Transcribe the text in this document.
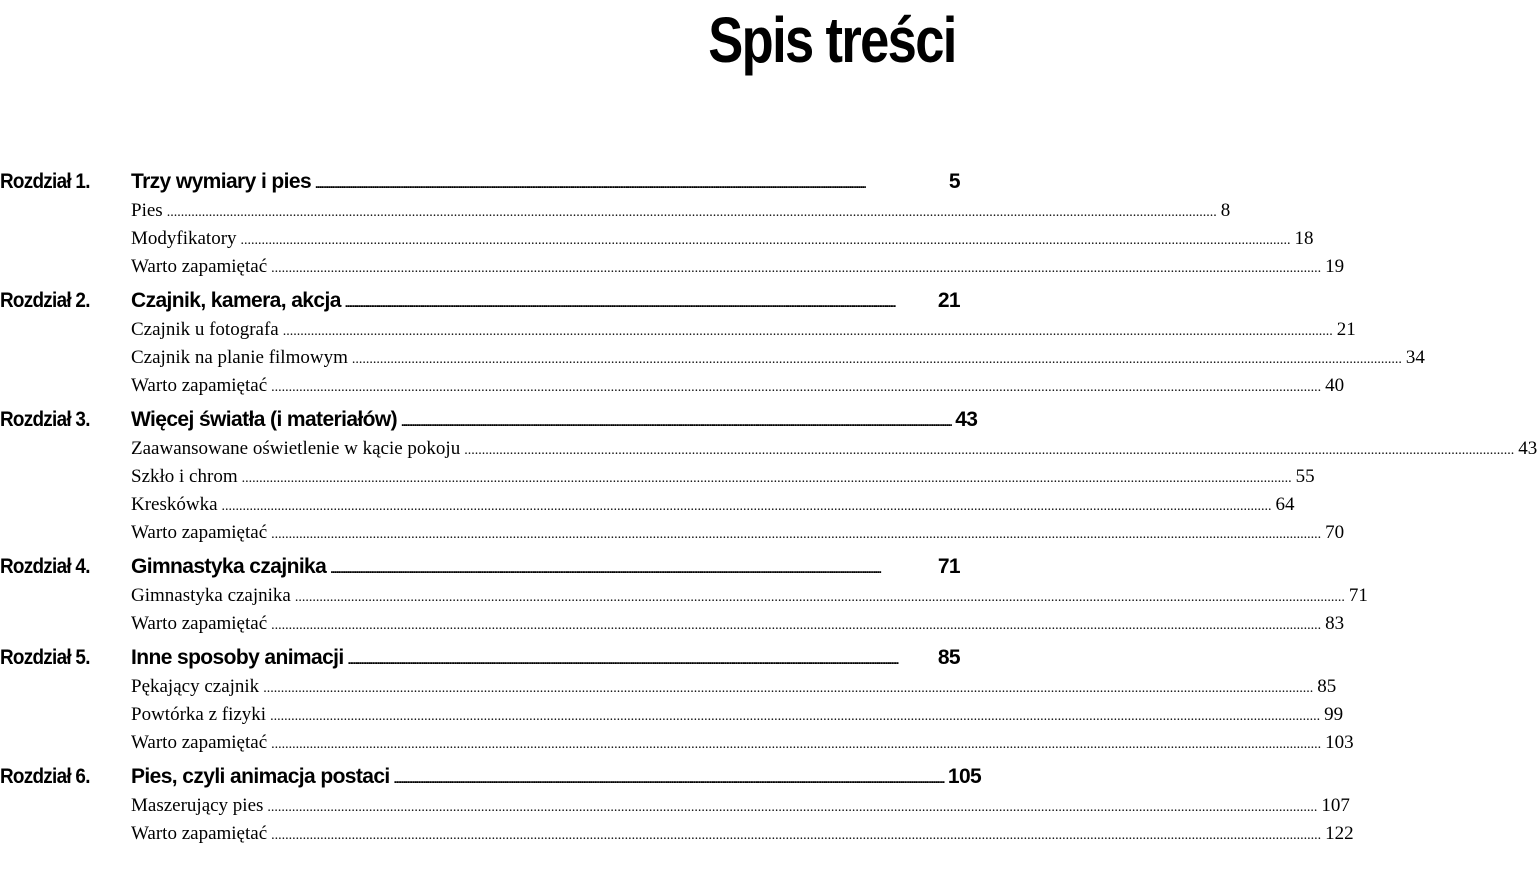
Spis treści
Rozdział 1. Trzy wymiary i pies ............................................................................................................................................................................................................................................................................................................	5
Pies ............................................................................................................................................................................................................................................................................................................ 8
Modyfikatory ............................................................................................................................................................................................................................................................................................................ 18
Warto zapamiętać ............................................................................................................................................................................................................................................................................................................ 19
Rozdział 2. Czajnik, kamera, akcja ............................................................................................................................................................................................................................................................................................................	21
Czajnik u fotografa ............................................................................................................................................................................................................................................................................................................ 21
Czajnik na planie filmowym ............................................................................................................................................................................................................................................................................................................ 34
Warto zapamiętać ............................................................................................................................................................................................................................................................................................................ 40
Rozdział 3. Więcej światła (i materiałów) ............................................................................................................................................................................................................................................................................................................ 43
Zaawansowane oświetlenie w kącie pokoju ............................................................................................................................................................................................................................................................................................................ 43
Szkło i chrom ............................................................................................................................................................................................................................................................................................................ 55
Kreskówka ............................................................................................................................................................................................................................................................................................................ 64
Warto zapamiętać ............................................................................................................................................................................................................................................................................................................ 70
Rozdział 4. Gimnastyka czajnika ............................................................................................................................................................................................................................................................................................................	71
Gimnastyka czajnika ............................................................................................................................................................................................................................................................................................................ 71
Warto zapamiętać ............................................................................................................................................................................................................................................................................................................ 83
Rozdział 5. Inne sposoby animacji ............................................................................................................................................................................................................................................................................................................	85
Pękający czajnik ............................................................................................................................................................................................................................................................................................................ 85
Powtórka z fizyki ............................................................................................................................................................................................................................................................................................................ 99
Warto zapamiętać ............................................................................................................................................................................................................................................................................................................ 103
Rozdział 6. Pies, czyli animacja postaci ............................................................................................................................................................................................................................................................................................................ 105
Maszerujący pies ............................................................................................................................................................................................................................................................................................................ 107
Warto zapamiętać ............................................................................................................................................................................................................................................................................................................ 122
